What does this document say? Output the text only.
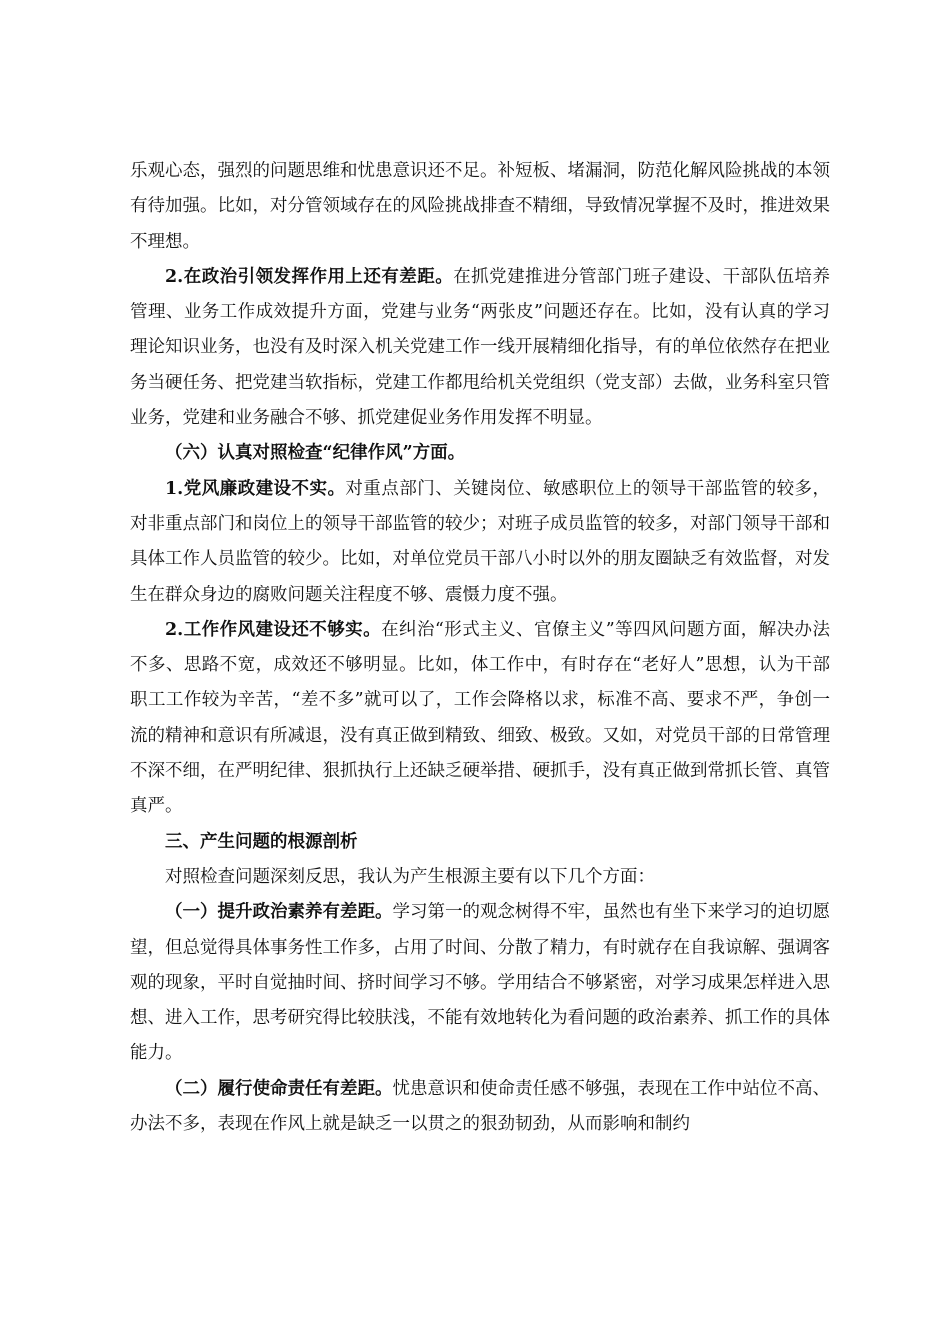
乐观心态，强烈的问题思维和忧患意识还不足。补短板、堵漏洞，防范化解风险挑战的本领有待加强。比如，对分管领域存在的风险挑战排查不精细，导致情况掌握不及时，推进效果不理想。

2.在政治引领发挥作用上还有差距。在抓党建推进分管部门班子建设、干部队伍培养管理、业务工作成效提升方面，党建与业务“两张皮”问题还存在。比如，没有认真的学习理论知识业务，也没有及时深入机关党建工作一线开展精细化指导，有的单位依然存在把业务当硬任务、把党建当软指标，党建工作都甩给机关党组织（党支部）去做，业务科室只管业务，党建和业务融合不够、抓党建促业务作用发挥不明显。

（六）认真对照检查“纪律作风”方面。

1.党风廉政建设不实。对重点部门、关键岗位、敏感职位上的领导干部监管的较多，对非重点部门和岗位上的领导干部监管的较少；对班子成员监管的较多，对部门领导干部和具体工作人员监管的较少。比如，对单位党员干部八小时以外的朋友圈缺乏有效监督，对发生在群众身边的腐败问题关注程度不够、震慑力度不强。

2.工作作风建设还不够实。在纠治“形式主义、官僚主义”等四风问题方面，解决办法不多、思路不宽，成效还不够明显。比如，体工作中，有时存在“老好人”思想，认为干部职工工作较为辛苦，“差不多”就可以了，工作会降格以求，标准不高、要求不严，争创一流的精神和意识有所减退，没有真正做到精致、细致、极致。又如，对党员干部的日常管理不深不细，在严明纪律、狠抓执行上还缺乏硬举措、硬抓手，没有真正做到常抓长管、真管真严。

三、产生问题的根源剖析

对照检查问题深刻反思，我认为产生根源主要有以下几个方面：

（一）提升政治素养有差距。学习第一的观念树得不牢，虽然也有坐下来学习的迫切愿望，但总觉得具体事务性工作多，占用了时间、分散了精力，有时就存在自我谅解、强调客观的现象，平时自觉抽时间、挤时间学习不够。学用结合不够紧密，对学习成果怎样进入思想、进入工作，思考研究得比较肤浅，不能有效地转化为看问题的政治素养、抓工作的具体能力。

（二）履行使命责任有差距。忧患意识和使命责任感不够强，表现在工作中站位不高、办法不多，表现在作风上就是缺乏一以贯之的狠劲韧劲，从而影响和制约
